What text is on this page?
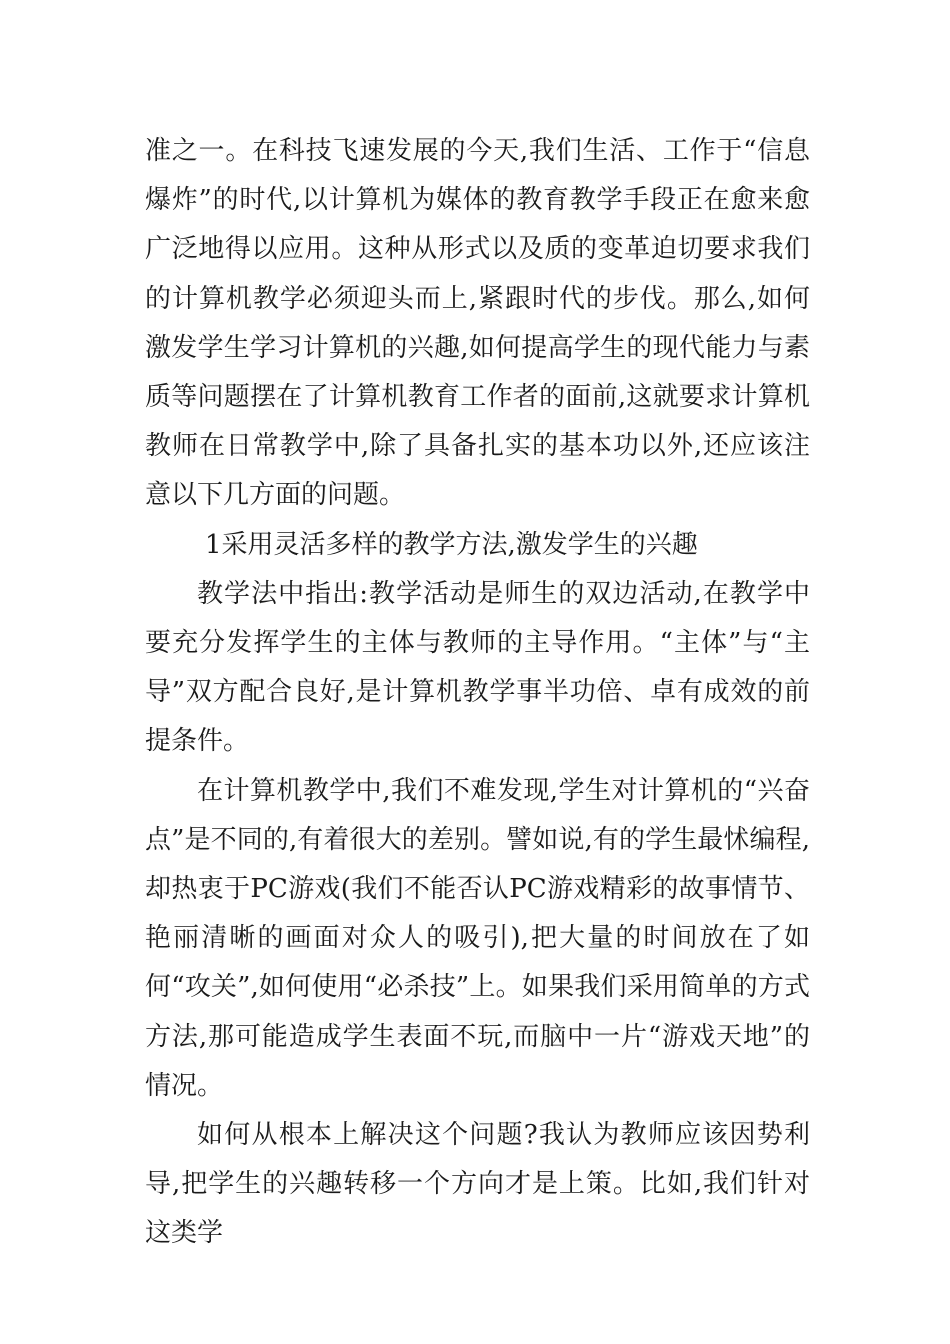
准之一。在科技飞速发展的今天,我们生活、工作于“信息爆炸”的时代,以计算机为媒体的教育教学手段正在愈来愈广泛地得以应用。这种从形式以及质的变革迫切要求我们的计算机教学必须迎头而上,紧跟时代的步伐。那么,如何激发学生学习计算机的兴趣,如何提高学生的现代能力与素质等问题摆在了计算机教育工作者的面前,这就要求计算机教师在日常教学中,除了具备扎实的基本功以外,还应该注意以下几方面的问题。

1采用灵活多样的教学方法,激发学生的兴趣

教学法中指出:教学活动是师生的双边活动,在教学中要充分发挥学生的主体与教师的主导作用。“主体”与“主导”双方配合良好,是计算机教学事半功倍、卓有成效的前提条件。

在计算机教学中,我们不难发现,学生对计算机的“兴奋点”是不同的,有着很大的差别。譬如说,有的学生最怵编程,却热衷于PC游戏(我们不能否认PC游戏精彩的故事情节、艳丽清晰的画面对众人的吸引),把大量的时间放在了如何“攻关”,如何使用“必杀技”上。如果我们采用简单的方式方法,那可能造成学生表面不玩,而脑中一片“游戏天地”的情况。

如何从根本上解决这个问题?我认为教师应该因势利导,把学生的兴趣转移一个方向才是上策。比如,我们针对这类学
